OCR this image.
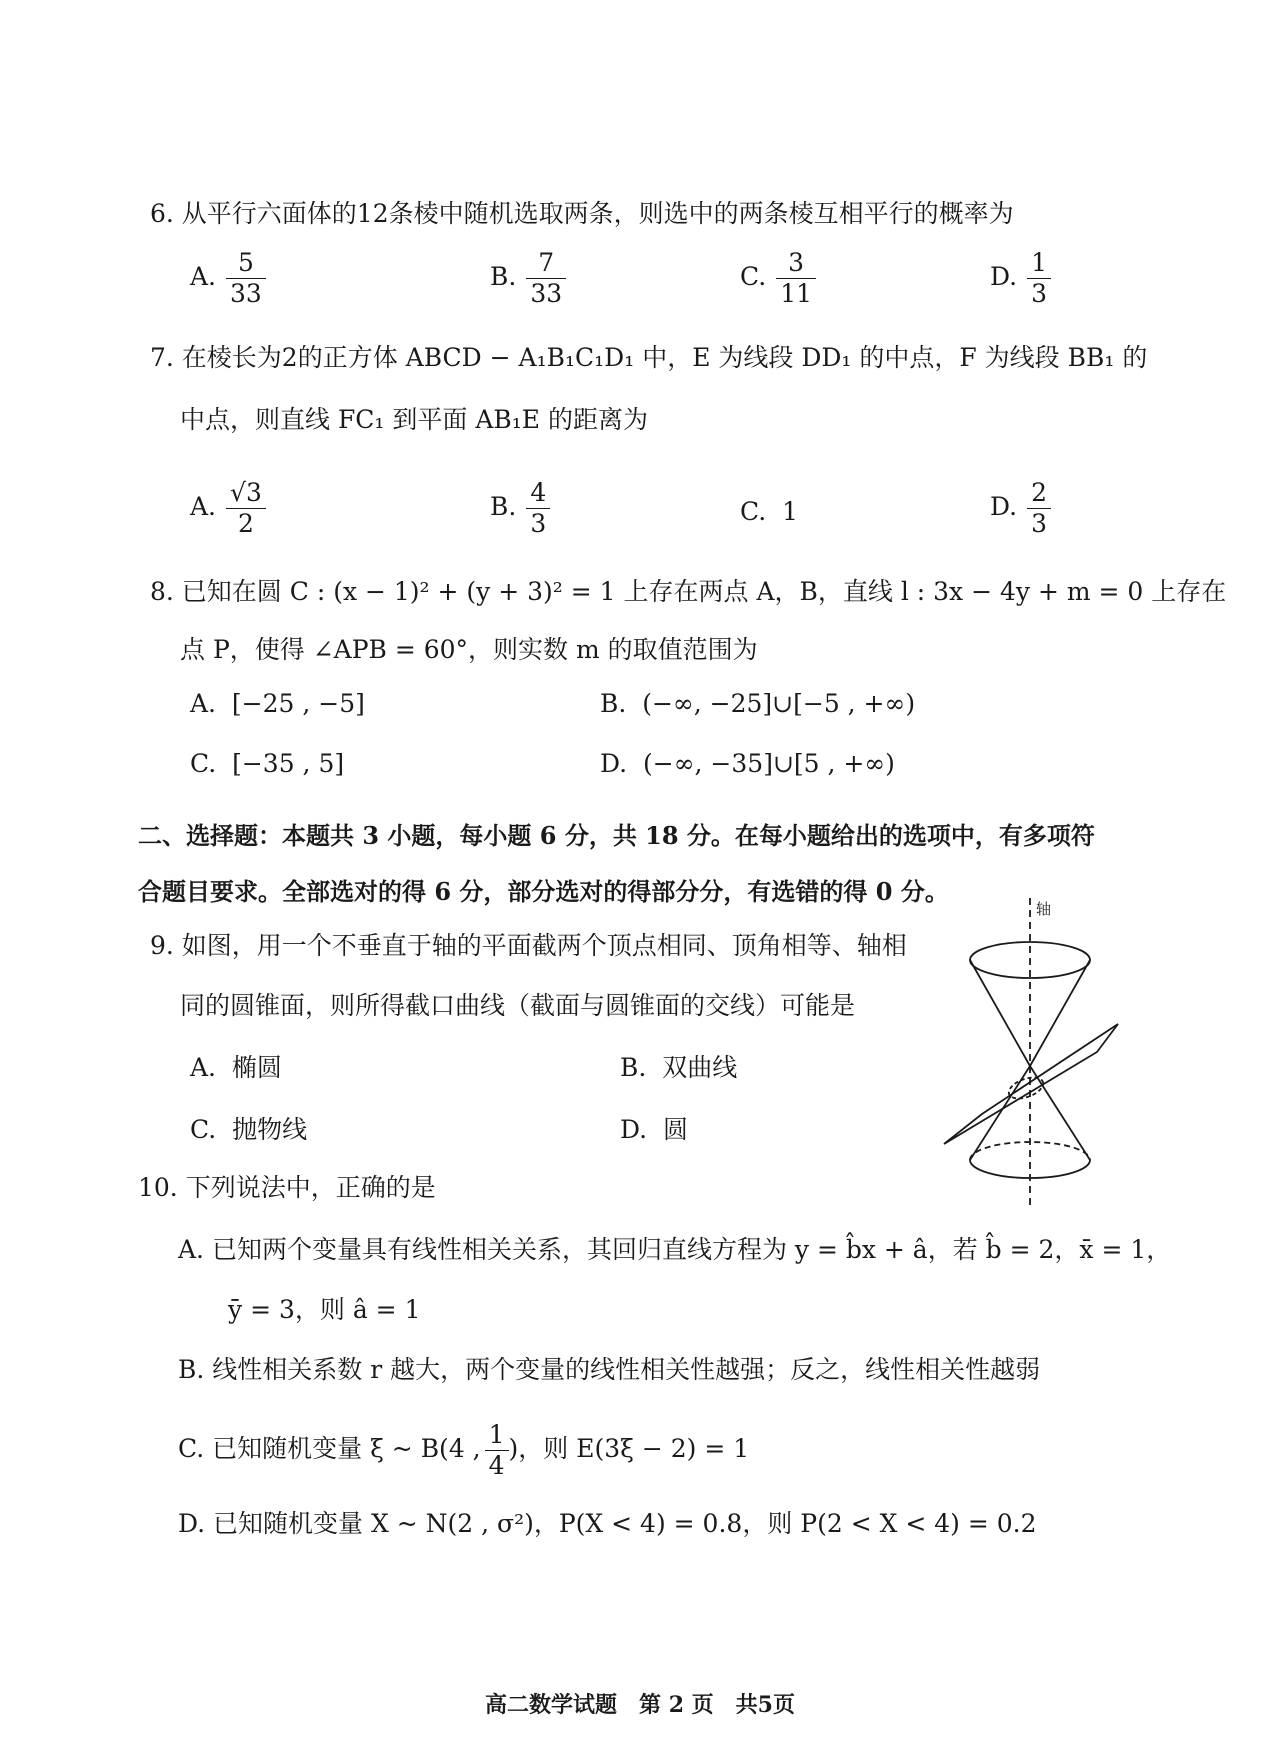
6. 从平行六面体的12条棱中随机选取两条，则选中的两条棱互相平行的概率为
A. $\frac{5}{33}$	B. $\frac{7}{33}$	C. $\frac{3}{11}$	D. $\frac{1}{3}$
7. 在棱长为2的正方体 ABCD − A₁B₁C₁D₁ 中，E 为线段 DD₁ 的中点，F 为线段 BB₁ 的
中点，则直线 FC₁ 到平面 AB₁E 的距离为
A. $\frac{√3}{2}$	B. $\frac{4}{3}$	C. 1	D. $\frac{2}{3}$
8. 已知在圆 C : (x − 1)² + (y + 3)² = 1 上存在两点 A，B，直线 l : 3x − 4y + m = 0 上存在
点 P，使得 ∠APB = 60°，则实数 m 的取值范围为
A. [−25 , −5]	B. (−∞, −25]∪[−5 , +∞)
C. [−35 , 5]	D. (−∞, −35]∪[5 , +∞)
二、选择题：本题共 3 小题，每小题 6 分，共 18 分。在每小题给出的选项中，有多项符
合题目要求。全部选对的得 6 分，部分选对的得部分分，有选错的得 0 分。
9. 如图，用一个不垂直于轴的平面截两个顶点相同、顶角相等、轴相
同的圆锥面，则所得截口曲线（截面与圆锥面的交线）可能是
A. 椭圆	B. 双曲线
C. 抛物线	D. 圆
轴
10. 下列说法中，正确的是
A. 已知两个变量具有线性相关关系，其回归直线方程为 y = b̂x + â，若 b̂ = 2，x̄ = 1，
ȳ = 3，则 â = 1
B. 线性相关系数 r 越大，两个变量的线性相关性越强；反之，线性相关性越弱
C. 已知随机变量 ξ ~ B(4 , $\frac{1}{4}$ )，则 E(3ξ − 2) = 1
D. 已知随机变量 X ~ N(2 , σ²)，P(X < 4) = 0.8，则 P(2 < X < 4) = 0.2
高二数学试题　第 2 页　共5页
